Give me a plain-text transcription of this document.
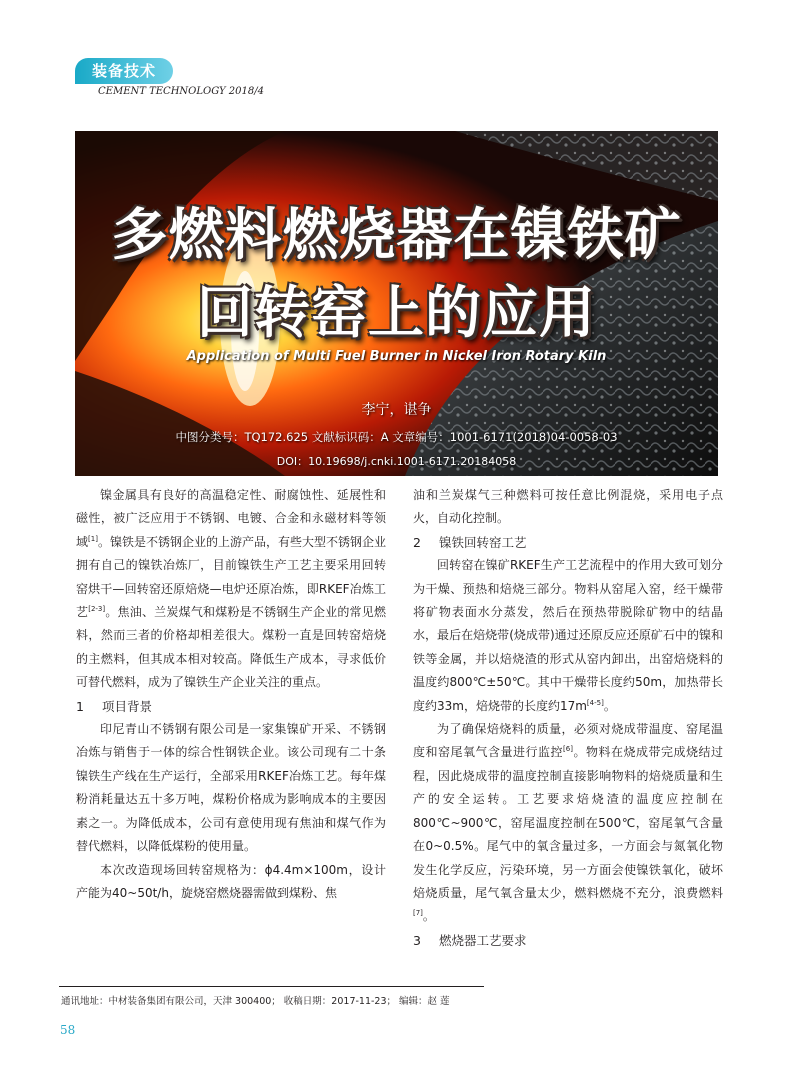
装备技术
CEMENT TECHNOLOGY 2018/4
多燃料燃烧器在镍铁矿
回转窑上的应用
Application of Multi Fuel Burner in Nickel Iron Rotary Kiln
李宁，谌争
中图分类号：TQ172.625 文献标识码：A 文章编号：1001-6171(2018)04-0058-03
DOI：10.19698/j.cnki.1001-6171.20184058

镍金属具有良好的高温稳定性、耐腐蚀性、延展性和磁性，被广泛应用于不锈钢、电镀、合金和永磁材料等领域[1]。镍铁是不锈钢企业的上游产品，有些大型不锈钢企业拥有自己的镍铁冶炼厂，目前镍铁生产工艺主要采用回转窑烘干—回转窑还原焙烧—电炉还原冶炼，即RKEF冶炼工艺[2-3]。焦油、兰炭煤气和煤粉是不锈钢生产企业的常见燃料，然而三者的价格却相差很大。煤粉一直是回转窑焙烧的主燃料，但其成本相对较高。降低生产成本，寻求低价可替代燃料，成为了镍铁生产企业关注的重点。

1 项目背景

印尼青山不锈钢有限公司是一家集镍矿开采、不锈钢冶炼与销售于一体的综合性钢铁企业。该公司现有二十条镍铁生产线在生产运行，全部采用RKEF冶炼工艺。每年煤粉消耗量达五十多万吨，煤粉价格成为影响成本的主要因素之一。为降低成本，公司有意使用现有焦油和煤气作为替代燃料，以降低煤粉的使用量。

本次改造现场回转窑规格为：ϕ4.4m×100m，设计产能为40~50t/h，旋烧窑燃烧器需做到煤粉、焦

油和兰炭煤气三种燃料可按任意比例混烧，采用电子点火，自动化控制。

2 镍铁回转窑工艺

回转窑在镍矿RKEF生产工艺流程中的作用大致可划分为干燥、预热和焙烧三部分。物料从窑尾入窑，经干燥带将矿物表面水分蒸发，然后在预热带脱除矿物中的结晶水，最后在焙烧带(烧成带)通过还原反应还原矿石中的镍和铁等金属，并以焙烧渣的形式从窑内卸出，出窑焙烧料的温度约800℃±50℃。其中干燥带长度约50m，加热带长度约33m，焙烧带的长度约17m[4-5]。

为了确保焙烧料的质量，必须对烧成带温度、窑尾温度和窑尾氧气含量进行监控[6]。物料在烧成带完成烧结过程，因此烧成带的温度控制直接影响物料的焙烧质量和生产的安全运转。工艺要求焙烧渣的温度应控制在800℃~900℃，窑尾温度控制在500℃，窑尾氧气含量在0~0.5%。尾气中的氧含量过多，一方面会与氮氧化物发生化学反应，污染环境，另一方面会使镍铁氧化，破坏焙烧质量，尾气氧含量太少，燃料燃烧不充分，浪费燃料[7]。

3 燃烧器工艺要求
通讯地址：中材装备集团有限公司，天津 300400； 收稿日期：2017-11-23； 编辑：赵 莲
58
